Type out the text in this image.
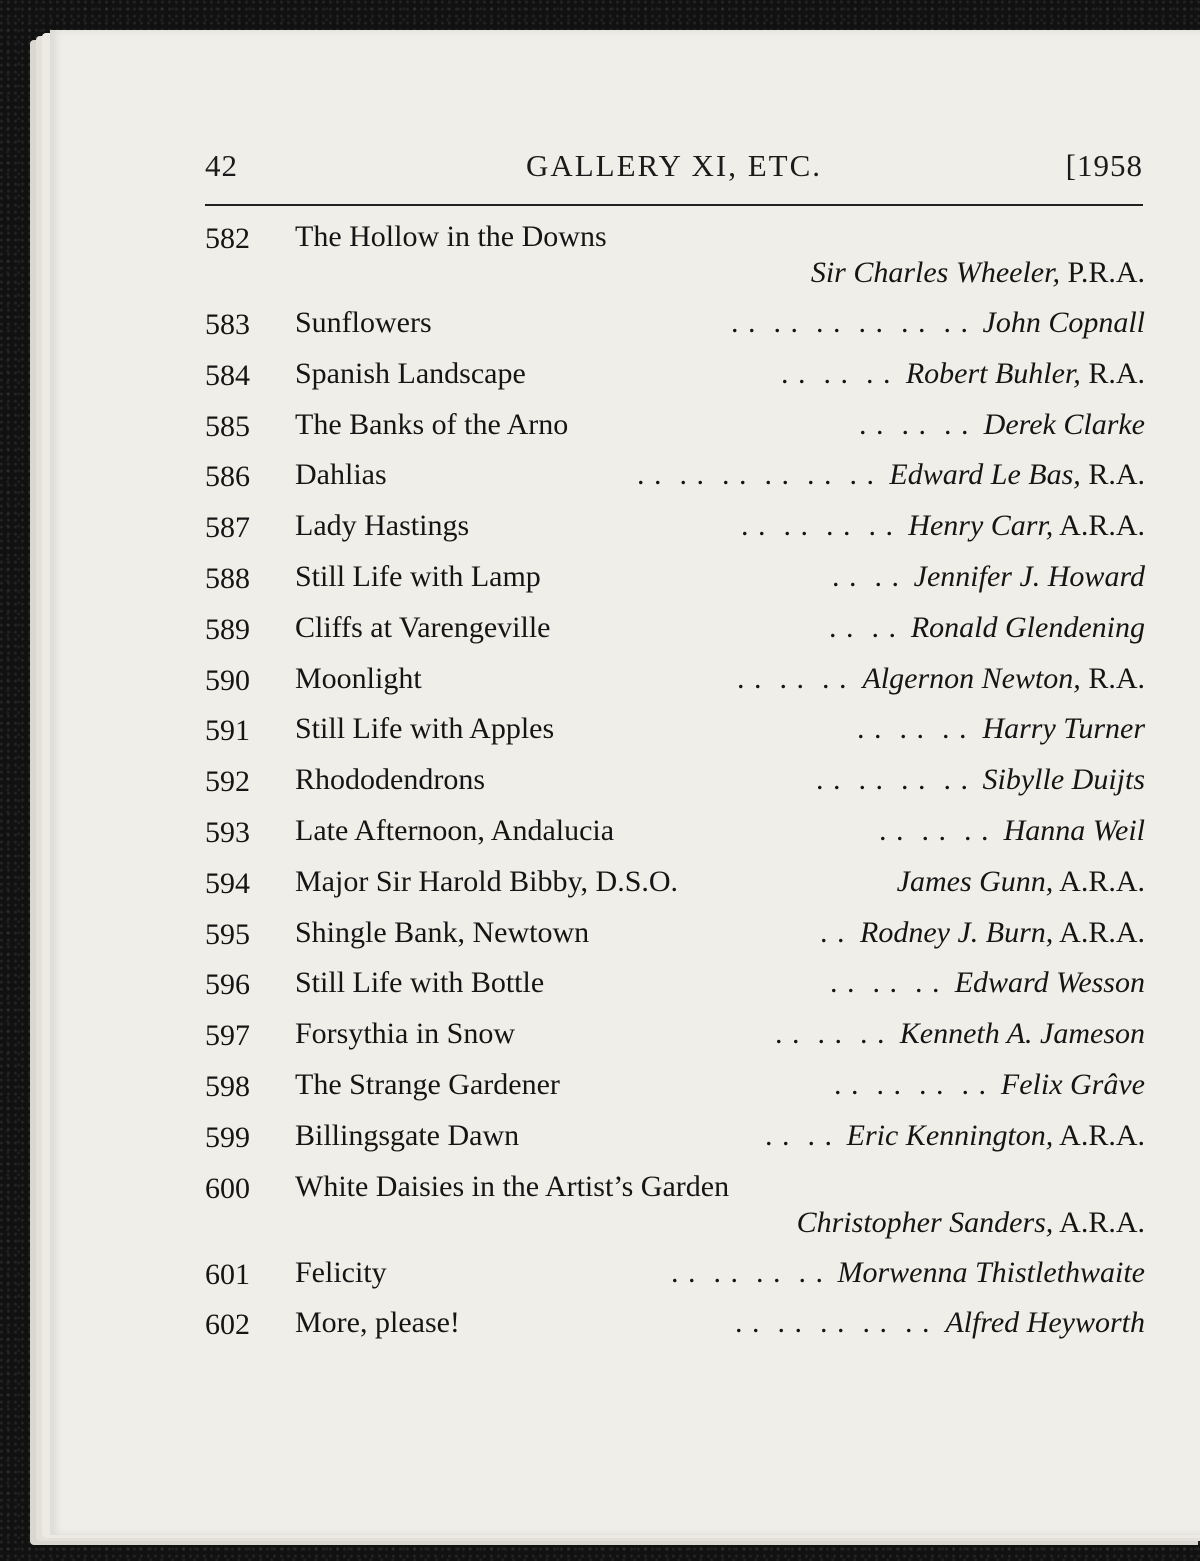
42	GALLERY XI, ETC.	[1958
582	The Hollow in the Downs
Sir Charles Wheeler, P.R.A.
583	Sunflowers	John Copnall
. .  . .  . .  . .  . .  . .
584	Spanish Landscape	Robert Buhler, R.A.
. .  . .  . .
585	The Banks of the Arno	Derek Clarke
. .  . .  . .
586	Dahlias	Edward Le Bas, R.A.
. .  . .  . .  . .  . .  . .
587	Lady Hastings	Henry Carr, A.R.A.
. .  . .  . .  . .
588	Still Life with Lamp	Jennifer J. Howard
. .  . .
589	Cliffs at Varengeville	Ronald Glendening
. .  . .
590	Moonlight	Algernon Newton, R.A.
. .  . .  . .
591	Still Life with Apples	Harry Turner
. .  . .  . .
592	Rhododendrons	Sibylle Duijts
. .  . .  . .  . .
593	Late Afternoon, Andalucia	Hanna Weil
. .  . .  . .
594	Major Sir Harold Bibby, D.S.O.	James Gunn, A.R.A.
595	Shingle Bank, Newtown	Rodney J. Burn, A.R.A.
. .
596	Still Life with Bottle	Edward Wesson
. .  . .  . .
597	Forsythia in Snow	Kenneth A. Jameson
. .  . .  . .
598	The Strange Gardener	Felix Grâve
. .  . .  . .  . .
599	Billingsgate Dawn	Eric Kennington, A.R.A.
. .  . .
600	White Daisies in the Artist’s Garden
Christopher Sanders, A.R.A.
601	Felicity	Morwenna Thistlethwaite
. .  . .  . .  . .
602	More, please!	Alfred Heyworth
. .  . .  . .  . .  . .
